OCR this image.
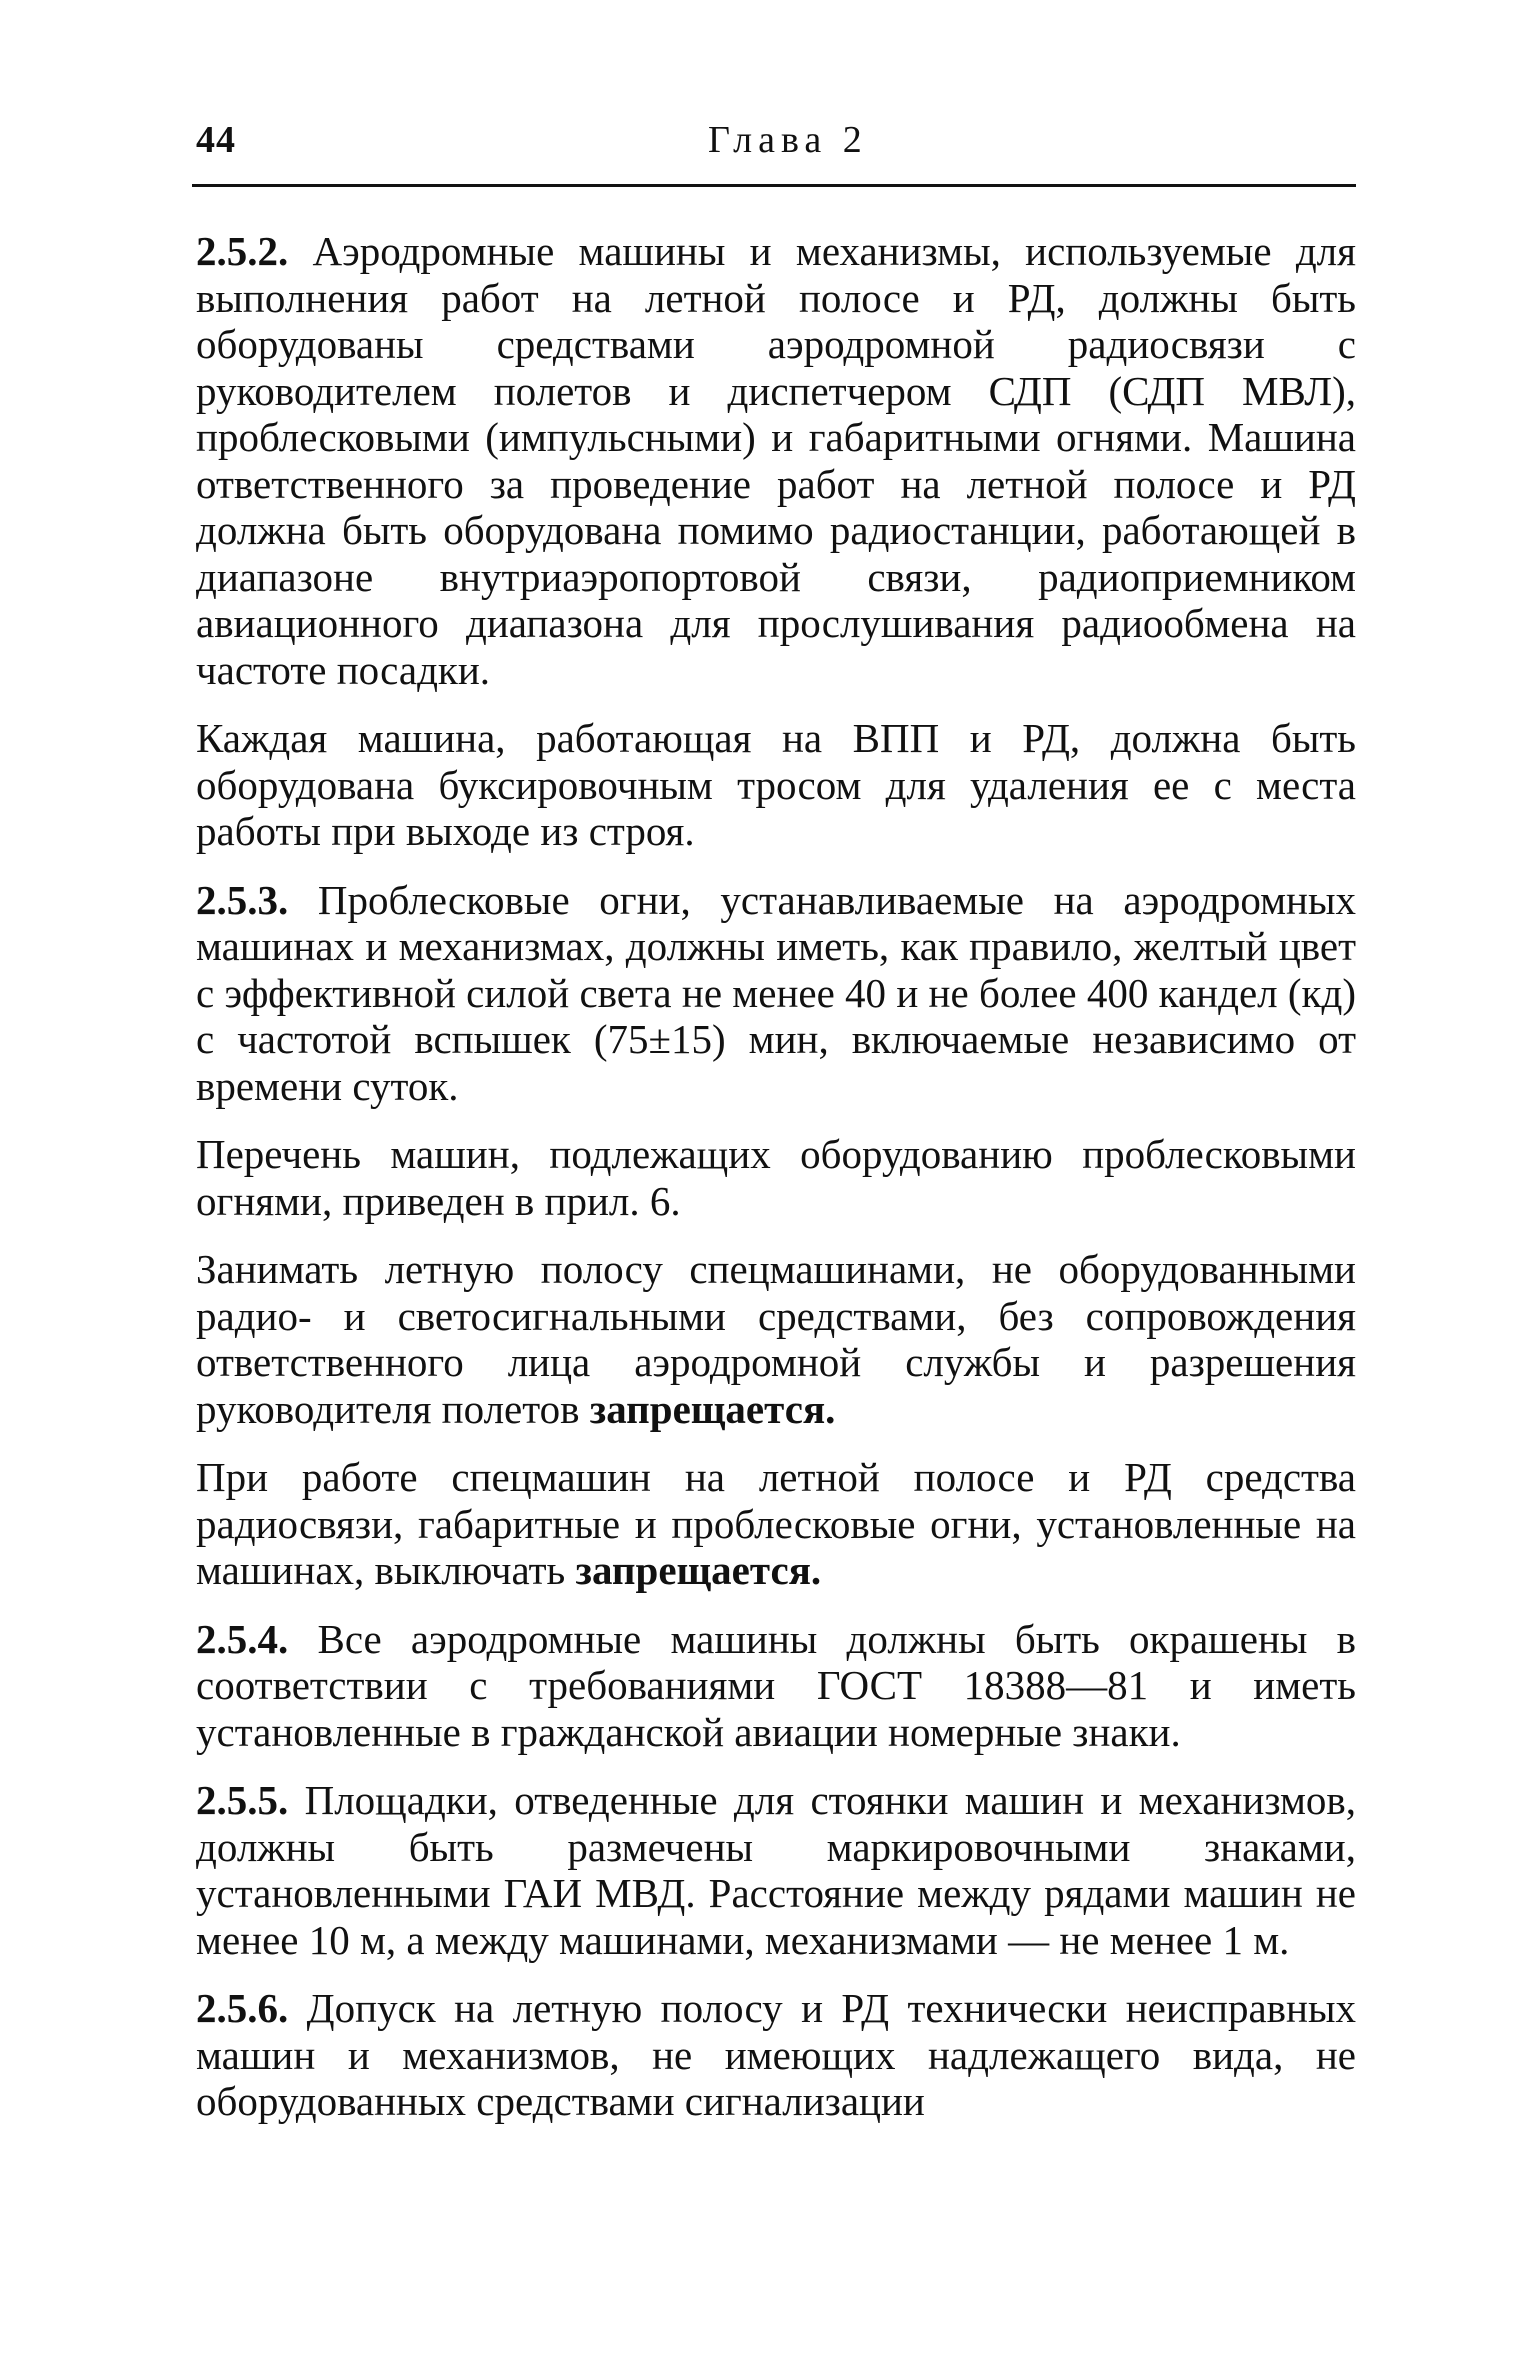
44	Глава 2

2.5.2. Аэродромные машины и механизмы, используемые для выполнения работ на летной полосе и РД, должны быть оборудованы средствами аэродромной радиосвязи с руководителем полетов и диспетчером СДП (СДП МВЛ), проблесковыми (импульсными) и габаритными огнями. Машина ответственного за проведение работ на летной полосе и РД должна быть оборудована помимо радиостанции, работающей в диапазоне внутриаэропортовой связи, радиоприемником авиационного диапазона для прослушивания радиообмена на частоте посадки.

Каждая машина, работающая на ВПП и РД, должна быть оборудована буксировочным тросом для удаления ее с места работы при выходе из строя.

2.5.3. Проблесковые огни, устанавливаемые на аэродромных машинах и механизмах, должны иметь, как правило, желтый цвет с эффективной силой света не менее 40 и не более 400 кандел (кд) с частотой вспышек (75±15) мин, включаемые независимо от времени суток.

Перечень машин, подлежащих оборудованию проблесковыми огнями, приведен в прил. 6.

Занимать летную полосу спецмашинами, не оборудованными радио- и светосигнальными средствами, без сопровождения ответственного лица аэродромной службы и разрешения руководителя полетов запрещается.

При работе спецмашин на летной полосе и РД средства радиосвязи, габаритные и проблесковые огни, установленные на машинах, выключать запрещается.

2.5.4. Все аэродромные машины должны быть окрашены в соответствии с требованиями ГОСТ 18388—81 и иметь установленные в гражданской авиации номерные знаки.

2.5.5. Площадки, отведенные для стоянки машин и механизмов, должны быть размечены маркировочными знаками, установленными ГАИ МВД. Расстояние между рядами машин не менее 10 м, а между машинами, механизмами — не менее 1 м.

2.5.6. Допуск на летную полосу и РД технически неисправных машин и механизмов, не имеющих надлежащего вида, не оборудованных средствами сигнализации
